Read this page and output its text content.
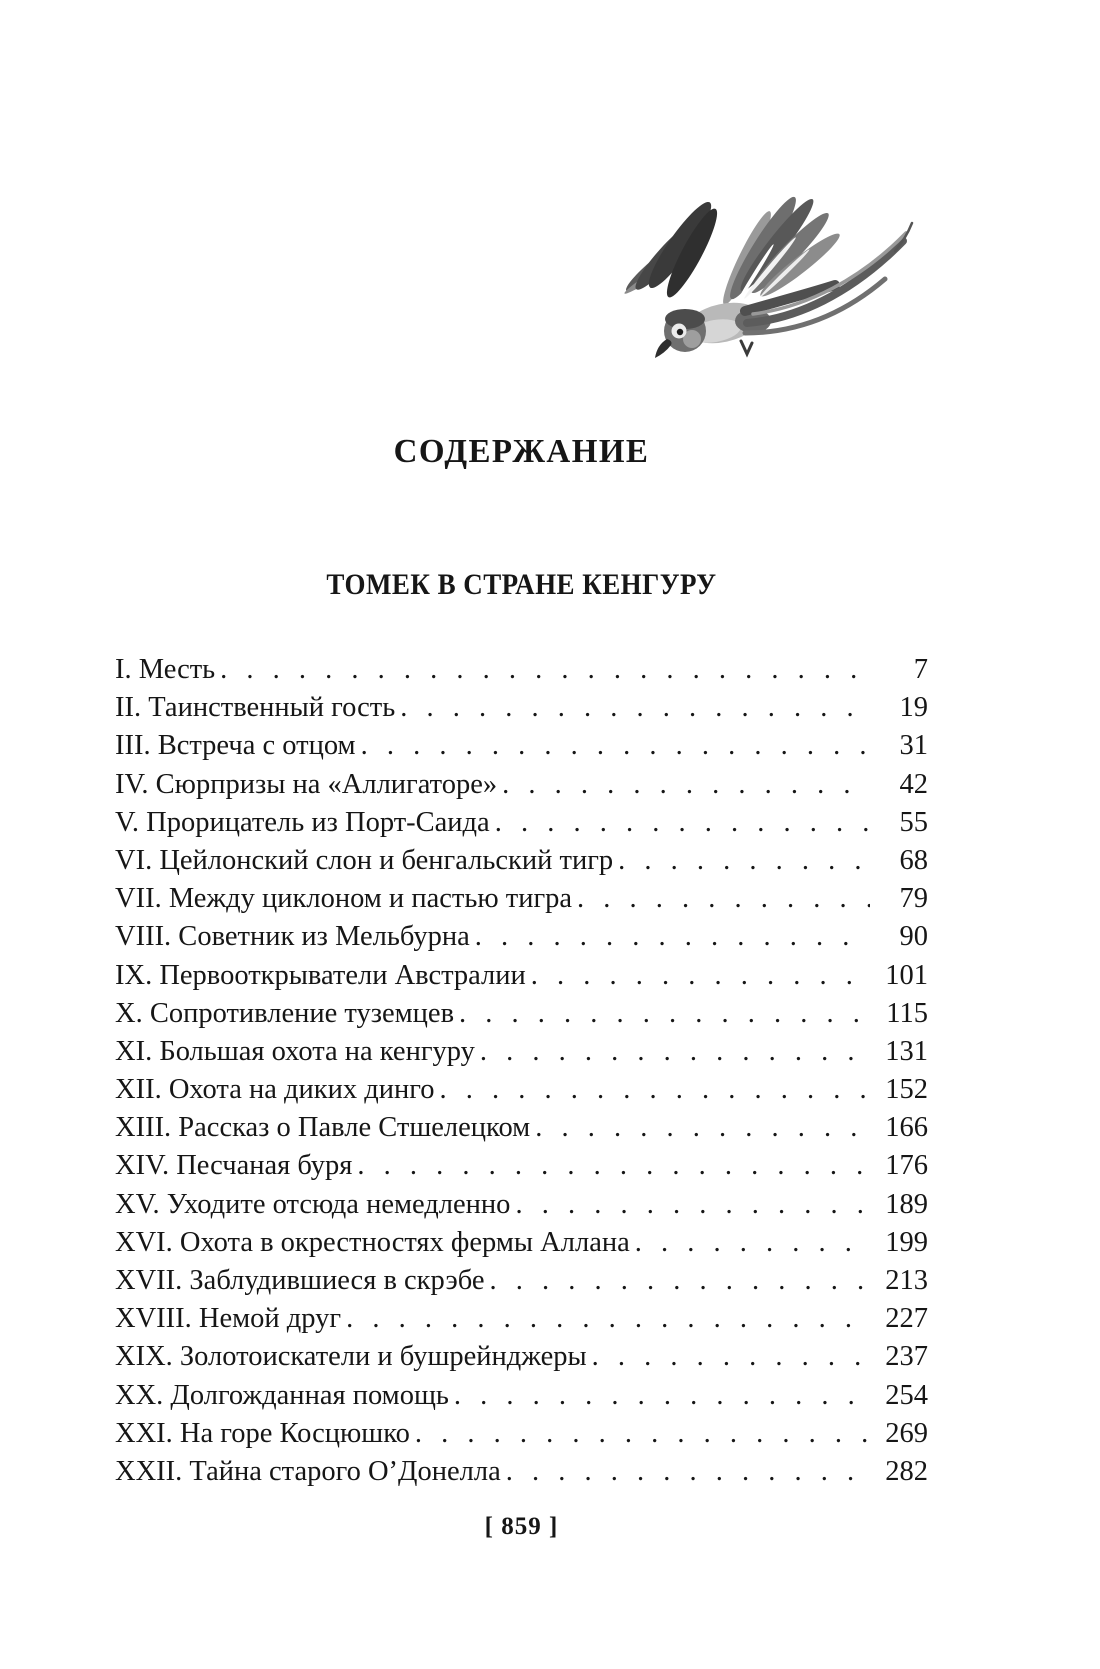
СОДЕРЖАНИЕ
ТОМЕК В СТРАНЕ КЕНГУРУ
I. Месть . . .	7
II. Таинственный гость . . .	19
III. Встреча с отцом . . .	31
IV. Сюрпризы на «Аллигаторе» . . .	42
V. Прорицатель из Порт-Саида . . .	55
VI. Цейлонский слон и бенгальский тигр . . .	68
VII. Между циклоном и пастью тигра . . .	79
VIII. Советник из Мельбурна . . .	90
IX. Первооткрыватели Австралии . . .	101
X. Сопротивление туземцев . . .	115
XI. Большая охота на кенгуру . . .	131
XII. Охота на диких динго . . .	152
XIII. Рассказ о Павле Стшелецком . . .	166
XIV. Песчаная буря . . .	176
XV. Уходите отсюда немедленно . . .	189
XVI. Охота в окрестностях фермы Аллана . . .	199
XVII. Заблудившиеся в скрэбе . . .	213
XVIII. Немой друг . . .	227
XIX. Золотоискатели и бушрейнджеры . . .	237
XX. Долгожданная помощь . . .	254
XXI. На горе Косцюшко . . .	269
XXII. Тайна старого О’Донелла . . .	282
[ 859 ]
